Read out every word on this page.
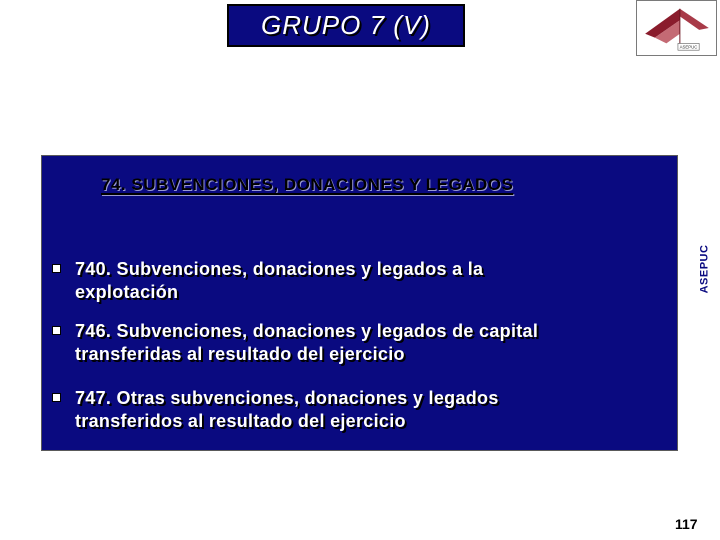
GRUPO 7 (V)
ASEPUC
74. SUBVENCIONES, DONACIONES Y LEGADOS
740. Subvenciones, donaciones y legados a la
explotación
746. Subvenciones, donaciones y legados de capital
transferidas al resultado del ejercicio
747. Otras subvenciones, donaciones y legados
transferidos al resultado del ejercicio
ASEPUC
117
